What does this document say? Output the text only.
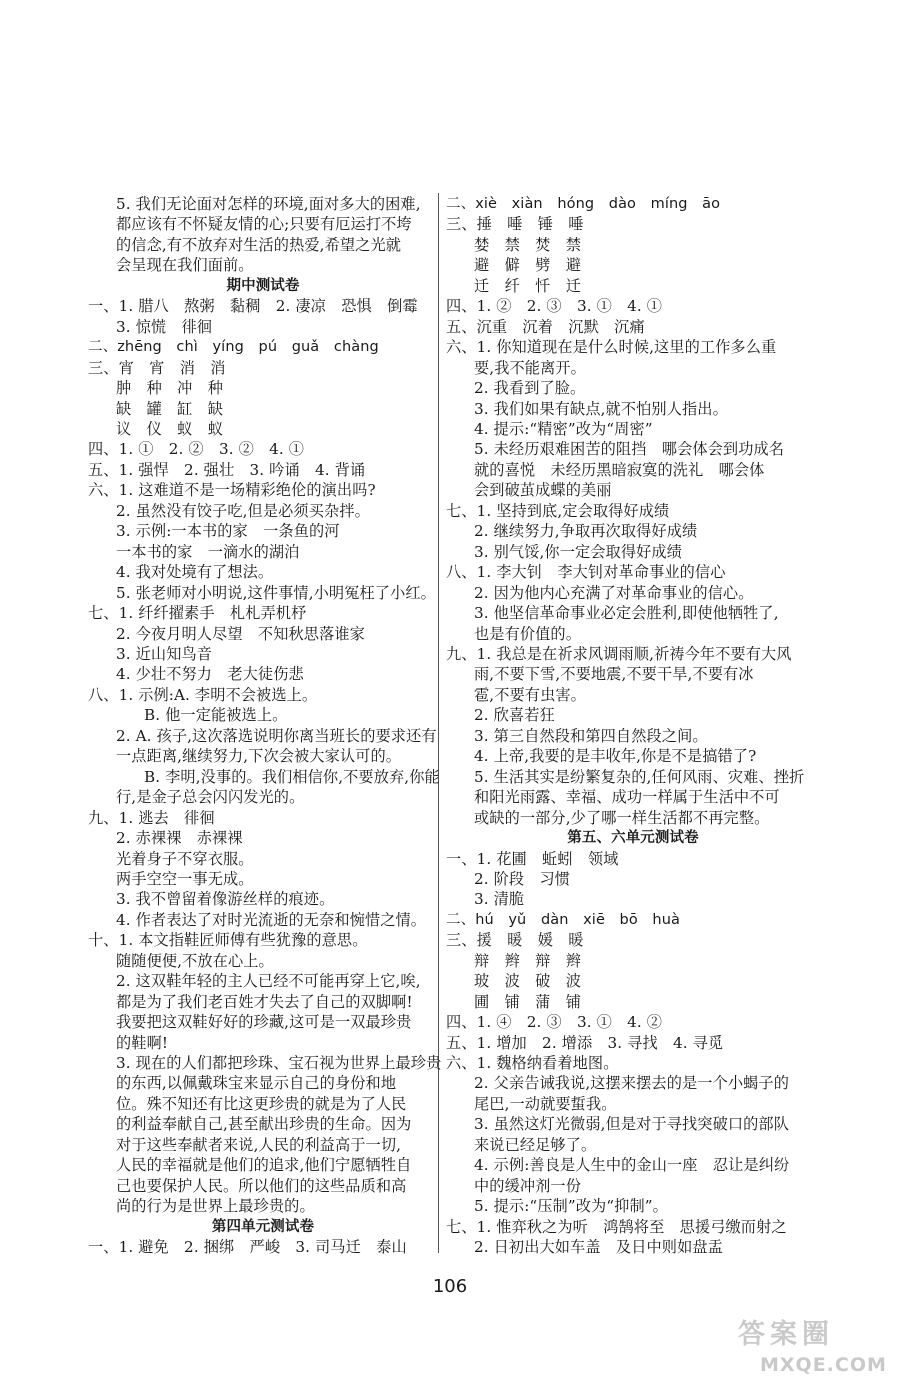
5. 我们无论面对怎样的环境,面对多大的困难,
都应该有不怀疑友情的心;只要有厄运打不垮
的信念,有不放弃对生活的热爱,希望之光就
会呈现在我们面前。
期中测试卷
一、1. 腊八　熬粥　黏稠　2. 凄凉　恐惧　倒霉
3. 惊慌　徘徊
二、zhēng　chì　yíng　pú　guǎ　chàng
三、宵　宵　消　消
肿　种　冲　种
缺　罐　缸　缺
议　仪　蚁　蚁
四、1. ①　2. ②　3. ②　4. ①
五、1. 强悍　2. 强壮　3. 吟诵　4. 背诵
六、1. 这难道不是一场精彩绝伦的演出吗?
2. 虽然没有饺子吃,但是必须买杂拌。
3. 示例:一本书的家　一条鱼的河
一本书的家　一滴水的湖泊
4. 我对处境有了想法。
5. 张老师对小明说,这件事情,小明冤枉了小红。
七、1. 纤纤擢素手　札札弄机杼
2. 今夜月明人尽望　不知秋思落谁家
3. 近山知鸟音
4. 少壮不努力　老大徒伤悲
八、1. 示例:A. 李明不会被选上。
B. 他一定能被选上。
2. A. 孩子,这次落选说明你离当班长的要求还有
一点距离,继续努力,下次会被大家认可的。
B. 李明,没事的。我们相信你,不要放弃,你能
行,是金子总会闪闪发光的。
九、1. 逃去　徘徊
2. 赤裸裸　赤裸裸
光着身子不穿衣服。
两手空空一事无成。
3. 我不曾留着像游丝样的痕迹。
4. 作者表达了对时光流逝的无奈和惋惜之情。
十、1. 本文指鞋匠师傅有些犹豫的意思。
随随便便,不放在心上。
2. 这双鞋年轻的主人已经不可能再穿上它,唉,
都是为了我们老百姓才失去了自己的双脚啊!
我要把这双鞋好好的珍藏,这可是一双最珍贵
的鞋啊!
3. 现在的人们都把珍珠、宝石视为世界上最珍贵
的东西,以佩戴珠宝来显示自己的身份和地
位。殊不知还有比这更珍贵的就是为了人民
的利益奉献自己,甚至献出珍贵的生命。因为
对于这些奉献者来说,人民的利益高于一切,
人民的幸福就是他们的追求,他们宁愿牺牲自
己也要保护人民。所以他们的这些品质和高
尚的行为是世界上最珍贵的。
第四单元测试卷
一、1. 避免　2. 捆绑　严峻　3. 司马迁　泰山
二、xiè　xiàn　hóng　dào　míng　āo
三、捶　唾　锤　唾
婪　禁　焚　禁
避　僻　劈　避
迁　纤　忏　迁
四、1. ②　2. ③　3. ①　4. ①
五、沉重　沉着　沉默　沉痛
六、1. 你知道现在是什么时候,这里的工作多么重
要,我不能离开。
2. 我看到了脸。
3. 我们如果有缺点,就不怕别人指出。
4. 提示:“精密”改为“周密”
5. 未经历艰难困苦的阻挡　哪会体会到功成名
就的喜悦　未经历黑暗寂寞的洗礼　哪会体
会到破茧成蝶的美丽
七、1. 坚持到底,定会取得好成绩
2. 继续努力,争取再次取得好成绩
3. 别气馁,你一定会取得好成绩
八、1. 李大钊　李大钊对革命事业的信心
2. 因为他内心充满了对革命事业的信心。
3. 他坚信革命事业必定会胜利,即使他牺牲了,
也是有价值的。
九、1. 我总是在祈求风调雨顺,祈祷今年不要有大风
雨,不要下雪,不要地震,不要干旱,不要有冰
雹,不要有虫害。
2. 欣喜若狂
3. 第三自然段和第四自然段之间。
4. 上帝,我要的是丰收年,你是不是搞错了?
5. 生活其实是纷繁复杂的,任何风雨、灾难、挫折
和阳光雨露、幸福、成功一样属于生活中不可
或缺的一部分,少了哪一样生活都不再完整。
第五、六单元测试卷
一、1. 花圃　蚯蚓　领域
2. 阶段　习惯
3. 清脆
二、hú　yǔ　dàn　xiē　bō　huà
三、援　暖　媛　暖
辩　辫　辩　辫
玻　波　破　波
圃　铺　蒲　铺
四、1. ④　2. ③　3. ①　4. ②
五、1. 增加　2. 增添　3. 寻找　4. 寻觅
六、1. 魏格纳看着地图。
2. 父亲告诫我说,这摆来摆去的是一个小蝎子的
尾巴,一动就要蜇我。
3. 虽然这灯光微弱,但是对于寻找突破口的部队
来说已经足够了。
4. 示例:善良是人生中的金山一座　忍让是纠纷
中的缓冲剂一份
5. 提示:“压制”改为“抑制”。
七、1. 惟弈秋之为听　鸿鹄将至　思援弓缴而射之
2. 日初出大如车盖　及日中则如盘盂
106
答案圈
MXQE.COM
